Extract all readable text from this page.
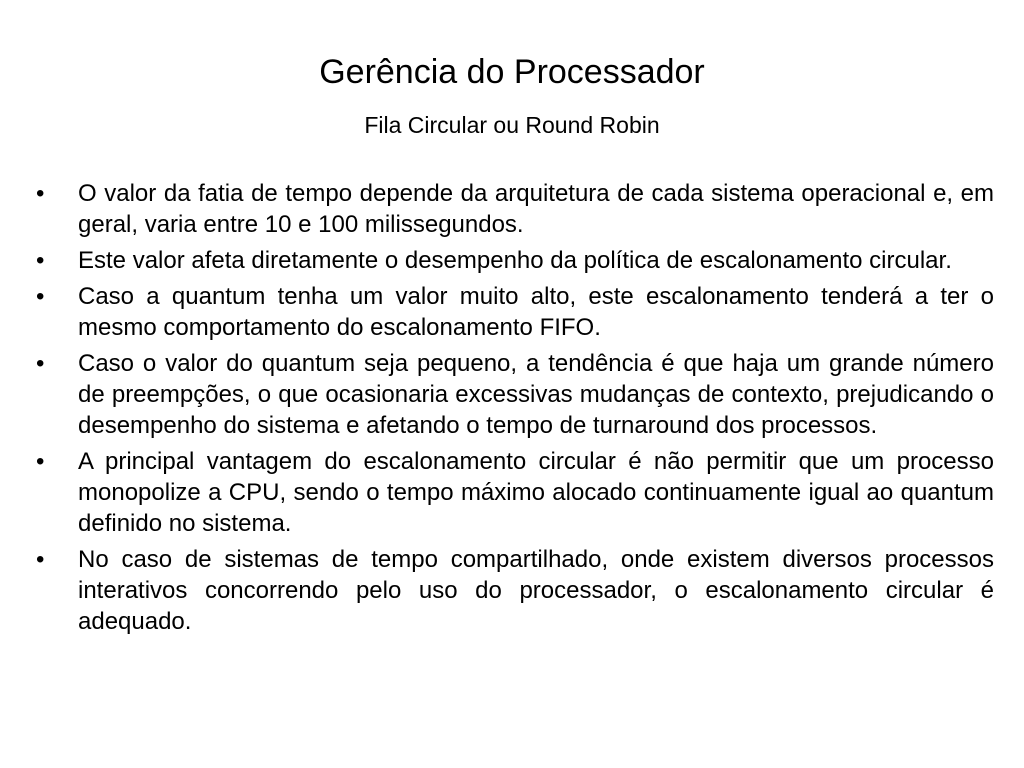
Gerência do Processador
Fila Circular ou Round Robin
• O valor da fatia de tempo depende da arquitetura de cada sistema operacional e, em geral, varia entre 10 e 100 milissegundos.
• Este valor afeta diretamente o desempenho da política de escalonamento circular.
• Caso a quantum tenha um valor muito alto, este escalonamento tenderá a ter o mesmo comportamento do escalonamento FIFO.
• Caso o valor do quantum seja pequeno, a tendência é que haja um grande número de preempções, o que ocasionaria excessivas mudanças de contexto, prejudicando o desempenho do sistema e afetando o tempo de turnaround dos processos.
• A principal vantagem do escalonamento circular é não permitir que um processo monopolize a CPU, sendo o tempo máximo alocado continuamente igual ao quantum definido no sistema.
• No caso de sistemas de tempo compartilhado, onde existem diversos processos interativos concorrendo pelo uso do processador, o escalonamento circular é adequado.
